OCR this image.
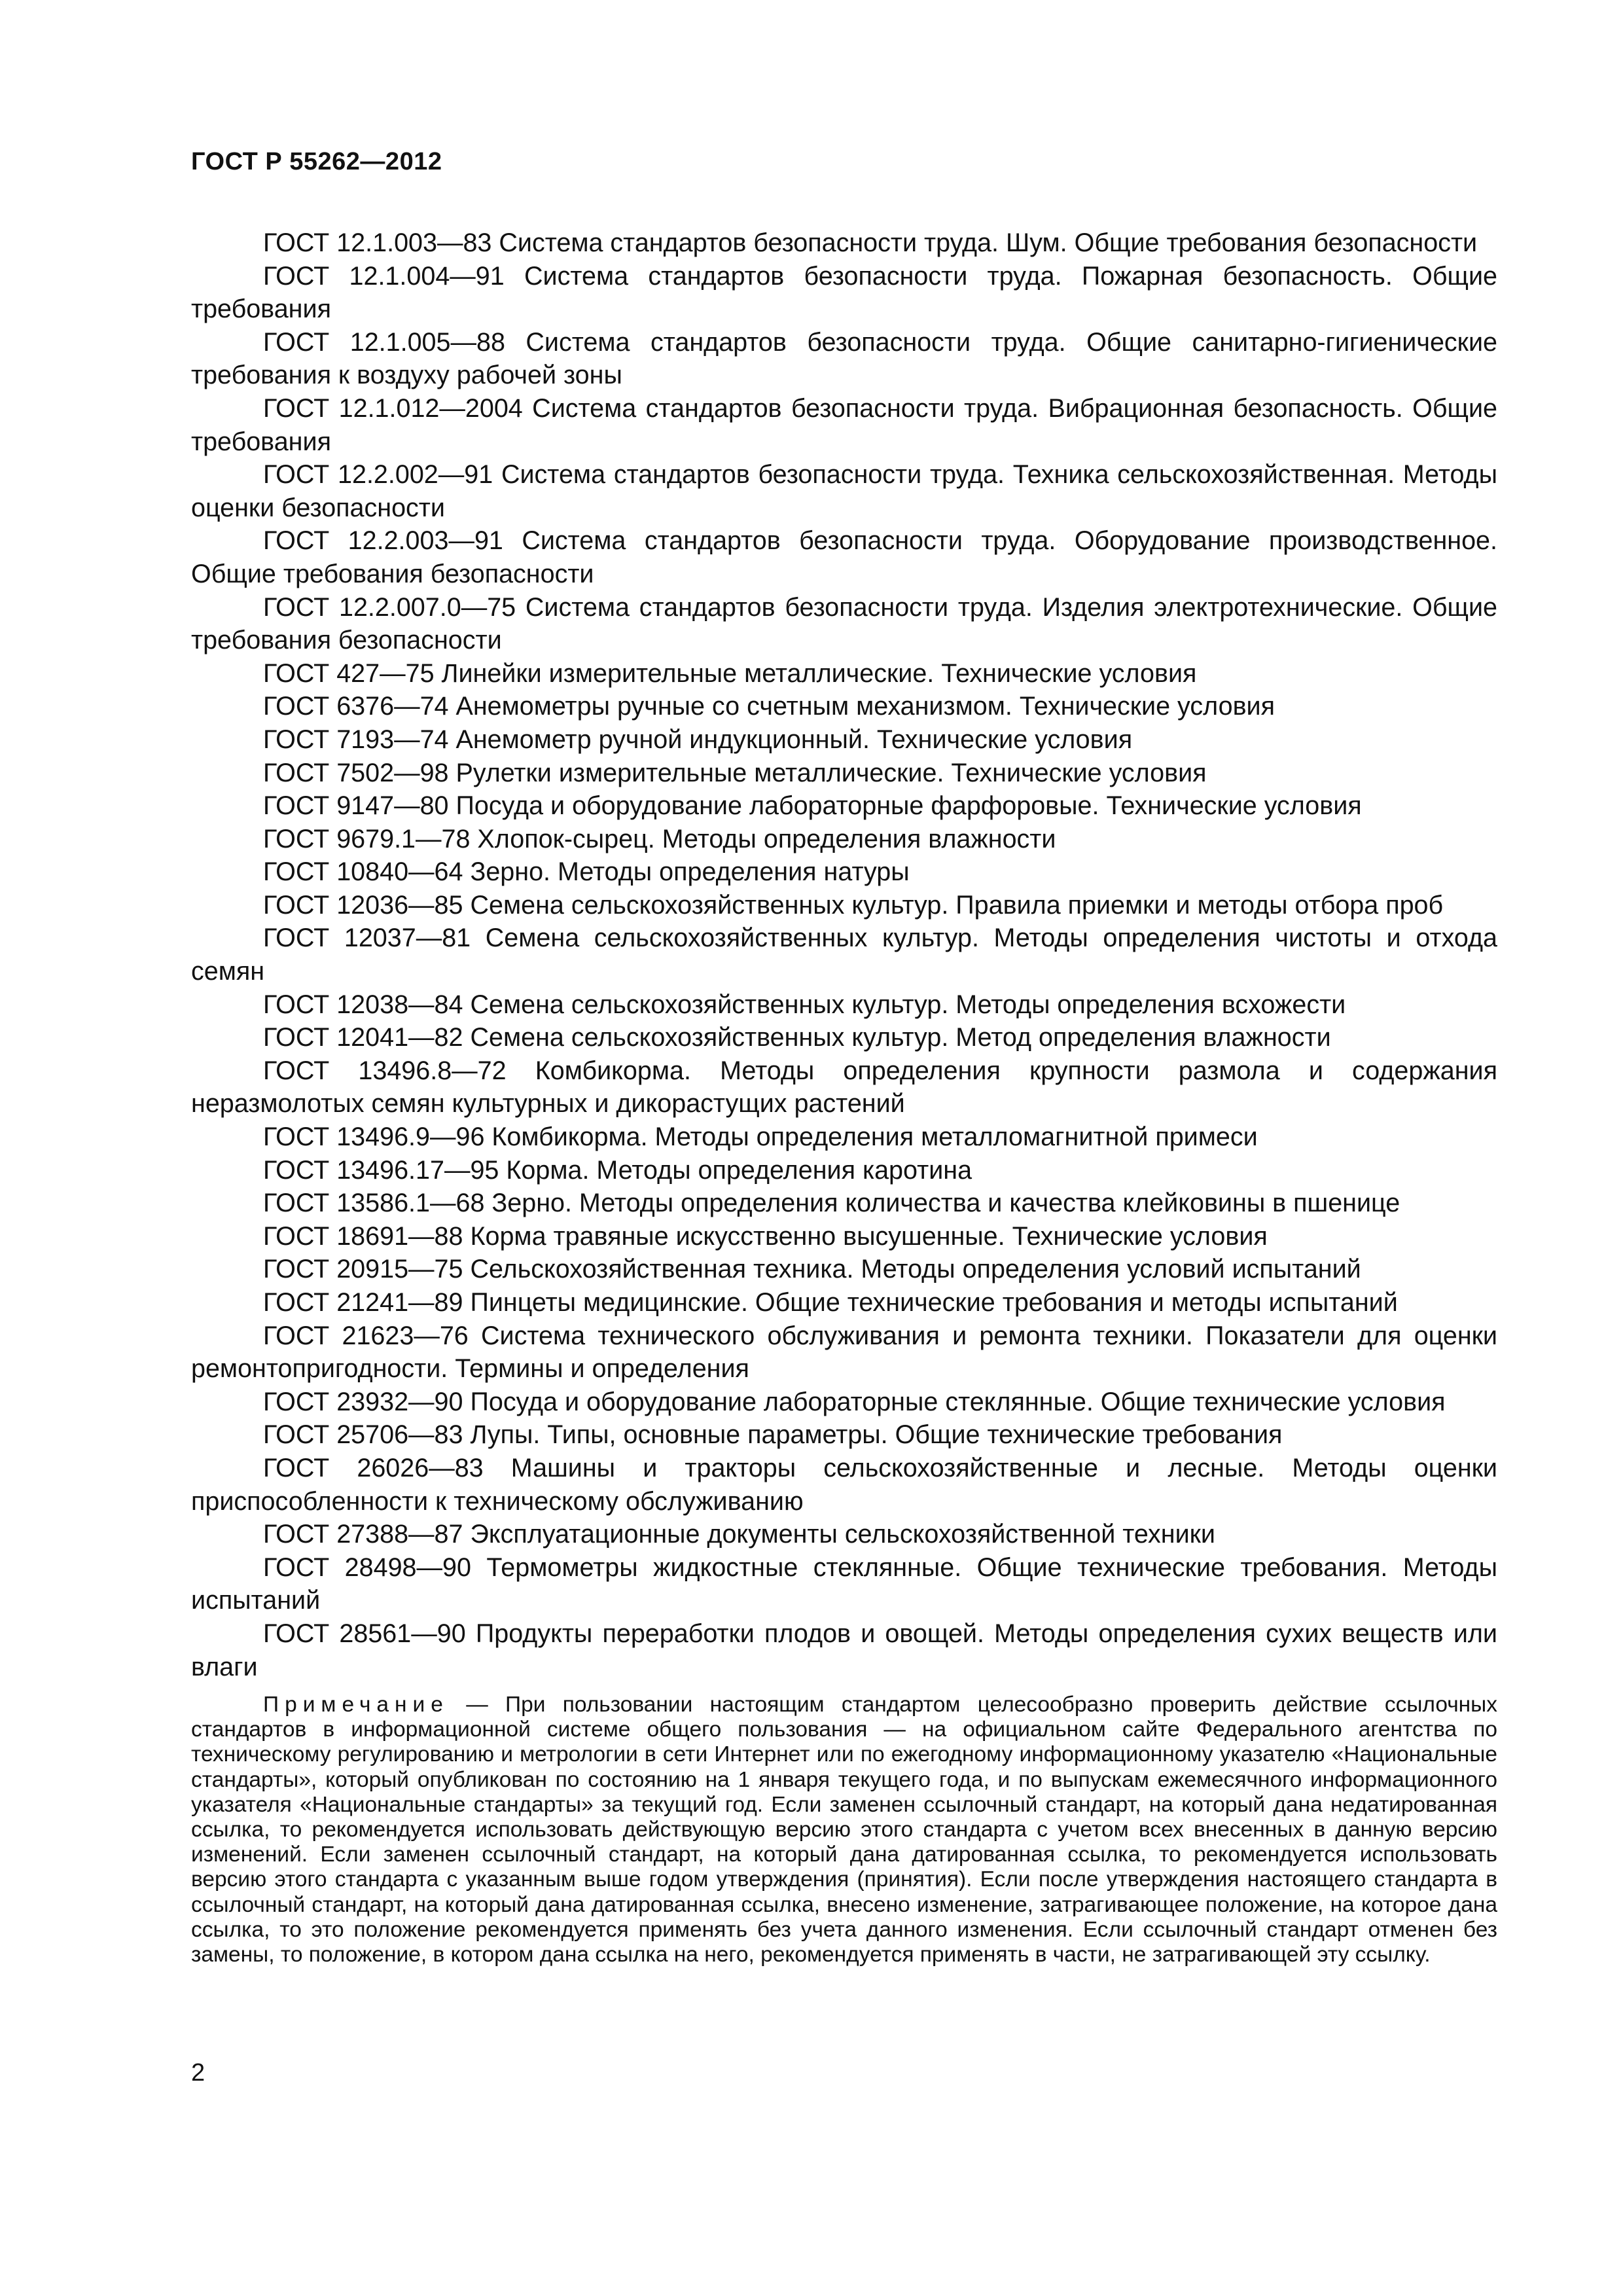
ГОСТ Р 55262—2012

ГОСТ 12.1.003—83 Система стандартов безопасности труда. Шум. Общие требования безопасности

ГОСТ 12.1.004—91 Система стандартов безопасности труда. Пожарная безопасность. Общие требования

ГОСТ 12.1.005—88 Система стандартов безопасности труда. Общие санитарно-гигиенические требования к воздуху рабочей зоны

ГОСТ 12.1.012—2004 Система стандартов безопасности труда. Вибрационная безопасность. Общие требования

ГОСТ 12.2.002—91 Система стандартов безопасности труда. Техника сельскохозяйственная. Методы оценки безопасности

ГОСТ 12.2.003—91 Система стандартов безопасности труда. Оборудование производственное. Общие требования безопасности

ГОСТ 12.2.007.0—75 Система стандартов безопасности труда. Изделия электротехнические. Общие требования безопасности

ГОСТ 427—75 Линейки измерительные металлические. Технические условия

ГОСТ 6376—74 Анемометры ручные со счетным механизмом. Технические условия

ГОСТ 7193—74 Анемометр ручной индукционный. Технические условия

ГОСТ 7502—98 Рулетки измерительные металлические. Технические условия

ГОСТ 9147—80 Посуда и оборудование лабораторные фарфоровые. Технические условия

ГОСТ 9679.1—78 Хлопок-сырец. Методы определения влажности

ГОСТ 10840—64 Зерно. Методы определения натуры

ГОСТ 12036—85 Семена сельскохозяйственных культур. Правила приемки и методы отбора проб

ГОСТ 12037—81 Семена сельскохозяйственных культур. Методы определения чистоты и отхода семян

ГОСТ 12038—84 Семена сельскохозяйственных культур. Методы определения всхожести

ГОСТ 12041—82 Семена сельскохозяйственных культур. Метод определения влажности

ГОСТ 13496.8—72 Комбикорма. Методы определения крупности размола и содержания неразмолотых семян культурных и дикорастущих растений

ГОСТ 13496.9—96 Комбикорма. Методы определения металломагнитной примеси

ГОСТ 13496.17—95 Корма. Методы определения каротина

ГОСТ 13586.1—68 Зерно. Методы определения количества и качества клейковины в пшенице

ГОСТ 18691—88 Корма травяные искусственно высушенные. Технические условия

ГОСТ 20915—75 Сельскохозяйственная техника. Методы определения условий испытаний

ГОСТ 21241—89 Пинцеты медицинские. Общие технические требования и методы испытаний

ГОСТ 21623—76 Система технического обслуживания и ремонта техники. Показатели для оценки ремонтопригодности. Термины и определения

ГОСТ 23932—90 Посуда и оборудование лабораторные стеклянные. Общие технические условия

ГОСТ 25706—83 Лупы. Типы, основные параметры. Общие технические требования

ГОСТ 26026—83 Машины и тракторы сельскохозяйственные и лесные. Методы оценки приспособленности к техническому обслуживанию

ГОСТ 27388—87 Эксплуатационные документы сельскохозяйственной техники

ГОСТ 28498—90 Термометры жидкостные стеклянные. Общие технические требования. Методы испытаний

ГОСТ 28561—90 Продукты переработки плодов и овощей. Методы определения сухих веществ или влаги

Примечание — При пользовании настоящим стандартом целесообразно проверить действие ссылочных стандартов в информационной системе общего пользования — на официальном сайте Федерального агентства по техническому регулированию и метрологии в сети Интернет или по ежегодному информационному указателю «Национальные стандарты», который опубликован по состоянию на 1 января текущего года, и по выпускам ежемесячного информационного указателя «Национальные стандарты» за текущий год. Если заменен ссылочный стандарт, на который дана недатированная ссылка, то рекомендуется использовать действующую версию этого стандарта с учетом всех внесенных в данную версию изменений. Если заменен ссылочный стандарт, на который дана датированная ссылка, то рекомендуется использовать версию этого стандарта с указанным выше годом утверждения (принятия). Если после утверждения настоящего стандарта в ссылочный стандарт, на который дана датированная ссылка, внесено изменение, затрагивающее положение, на которое дана ссылка, то это положение рекомендуется применять без учета данного изменения. Если ссылочный стандарт отменен без замены, то положение, в котором дана ссылка на него, рекомендуется применять в части, не затрагивающей эту ссылку.

2
